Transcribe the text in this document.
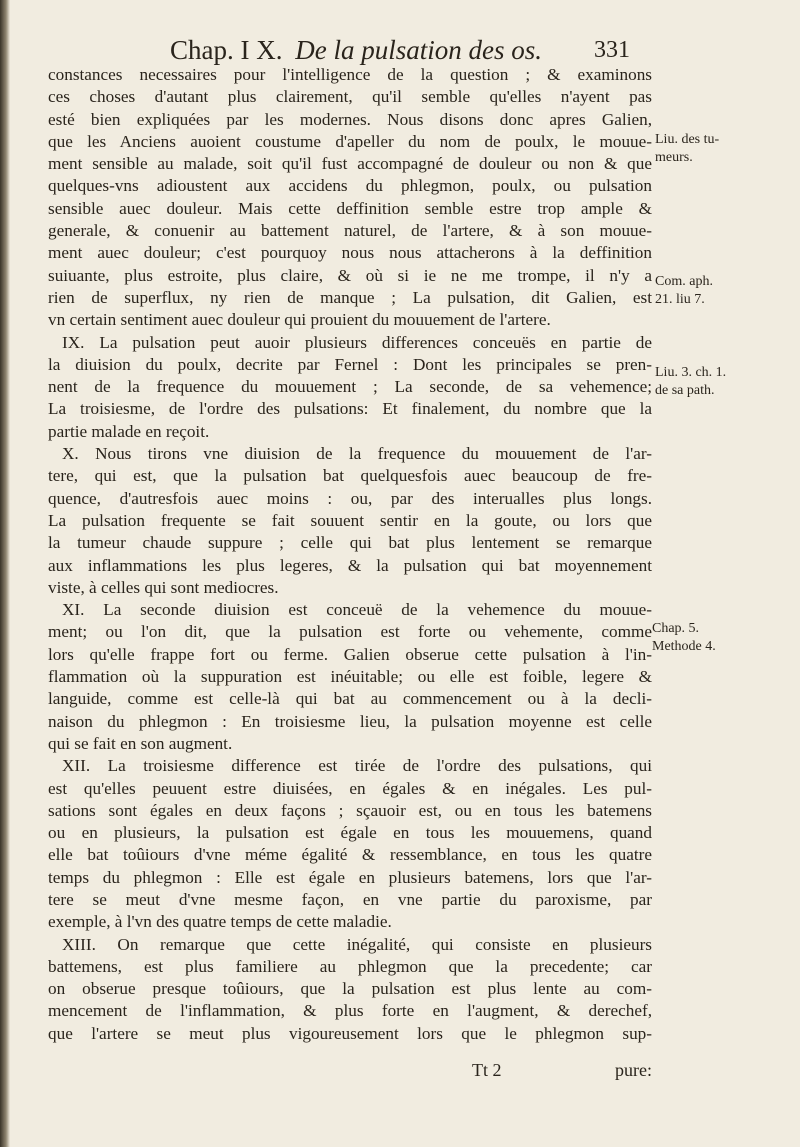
Chap. I X. De la pulsation des os. 331
constances necessaires pour l'intelligence de la question ; & examinons
ces choses d'autant plus clairement, qu'il semble qu'elles n'ayent pas
esté bien expliquées par les modernes. Nous disons donc apres Galien,
que les Anciens auoient coustume d'apeller du nom de poulx, le mouue-
ment sensible au malade, soit qu'il fust accompagné de douleur ou non & que
quelques-vns adioustent aux accidens du phlegmon, poulx, ou pulsation
sensible auec douleur. Mais cette deffinition semble estre trop ample &
generale, & conuenir au battement naturel, de l'artere, & à son mouue-
ment auec douleur; c'est pourquoy nous nous attacherons à la deffinition
suiuante, plus estroite, plus claire, & où si ie ne me trompe, il n'y a
rien de superflux, ny rien de manque ; La pulsation, dit Galien, est
vn certain sentiment auec douleur qui prouient du mouuement de l'artere.
IX. La pulsation peut auoir plusieurs differences conceuës en partie de
la diuision du poulx, decrite par Fernel : Dont les principales se pren-
nent de la frequence du mouuement ; La seconde, de sa vehemence;
La troisiesme, de l'ordre des pulsations: Et finalement, du nombre que la
partie malade en reçoit.
X. Nous tirons vne diuision de la frequence du mouuement de l'ar-
tere, qui est, que la pulsation bat quelquesfois auec beaucoup de fre-
quence, d'autresfois auec moins : ou, par des interualles plus longs.
La pulsation frequente se fait souuent sentir en la goute, ou lors que
la tumeur chaude suppure ; celle qui bat plus lentement se remarque
aux inflammations les plus legeres, & la pulsation qui bat moyennement
viste, à celles qui sont mediocres.
XI. La seconde diuision est conceuë de la vehemence du mouue-
ment; ou l'on dit, que la pulsation est forte ou vehemente, comme
lors qu'elle frappe fort ou ferme. Galien obserue cette pulsation à l'in-
flammation où la suppuration est inéuitable; ou elle est foible, legere &
languide, comme est celle-là qui bat au commencement ou à la decli-
naison du phlegmon : En troisiesme lieu, la pulsation moyenne est celle
qui se fait en son augment.
XII. La troisiesme difference est tirée de l'ordre des pulsations, qui
est qu'elles peuuent estre diuisées, en égales & en inégales. Les pul-
sations sont égales en deux façons ; sçauoir est, ou en tous les batemens
ou en plusieurs, la pulsation est égale en tous les mouuemens, quand
elle bat toûiours d'vne méme égalité & ressemblance, en tous les quatre
temps du phlegmon : Elle est égale en plusieurs batemens, lors que l'ar-
tere se meut d'vne mesme façon, en vne partie du paroxisme, par
exemple, à l'vn des quatre temps de cette maladie.
XIII. On remarque que cette inégalité, qui consiste en plusieurs
battemens, est plus familiere au phlegmon que la precedente; car
on obserue presque toûiours, que la pulsation est plus lente au com-
mencement de l'inflammation, & plus forte en l'augment, & derechef,
que l'artere se meut plus vigoureusement lors que le phlegmon sup-
Liu. des tu-
meurs.
Com. aph.
21. liu 7.
Liu. 3. ch. 1.
de sa path.
Chap. 5.
Methode 4.
Tt 2	pure:
